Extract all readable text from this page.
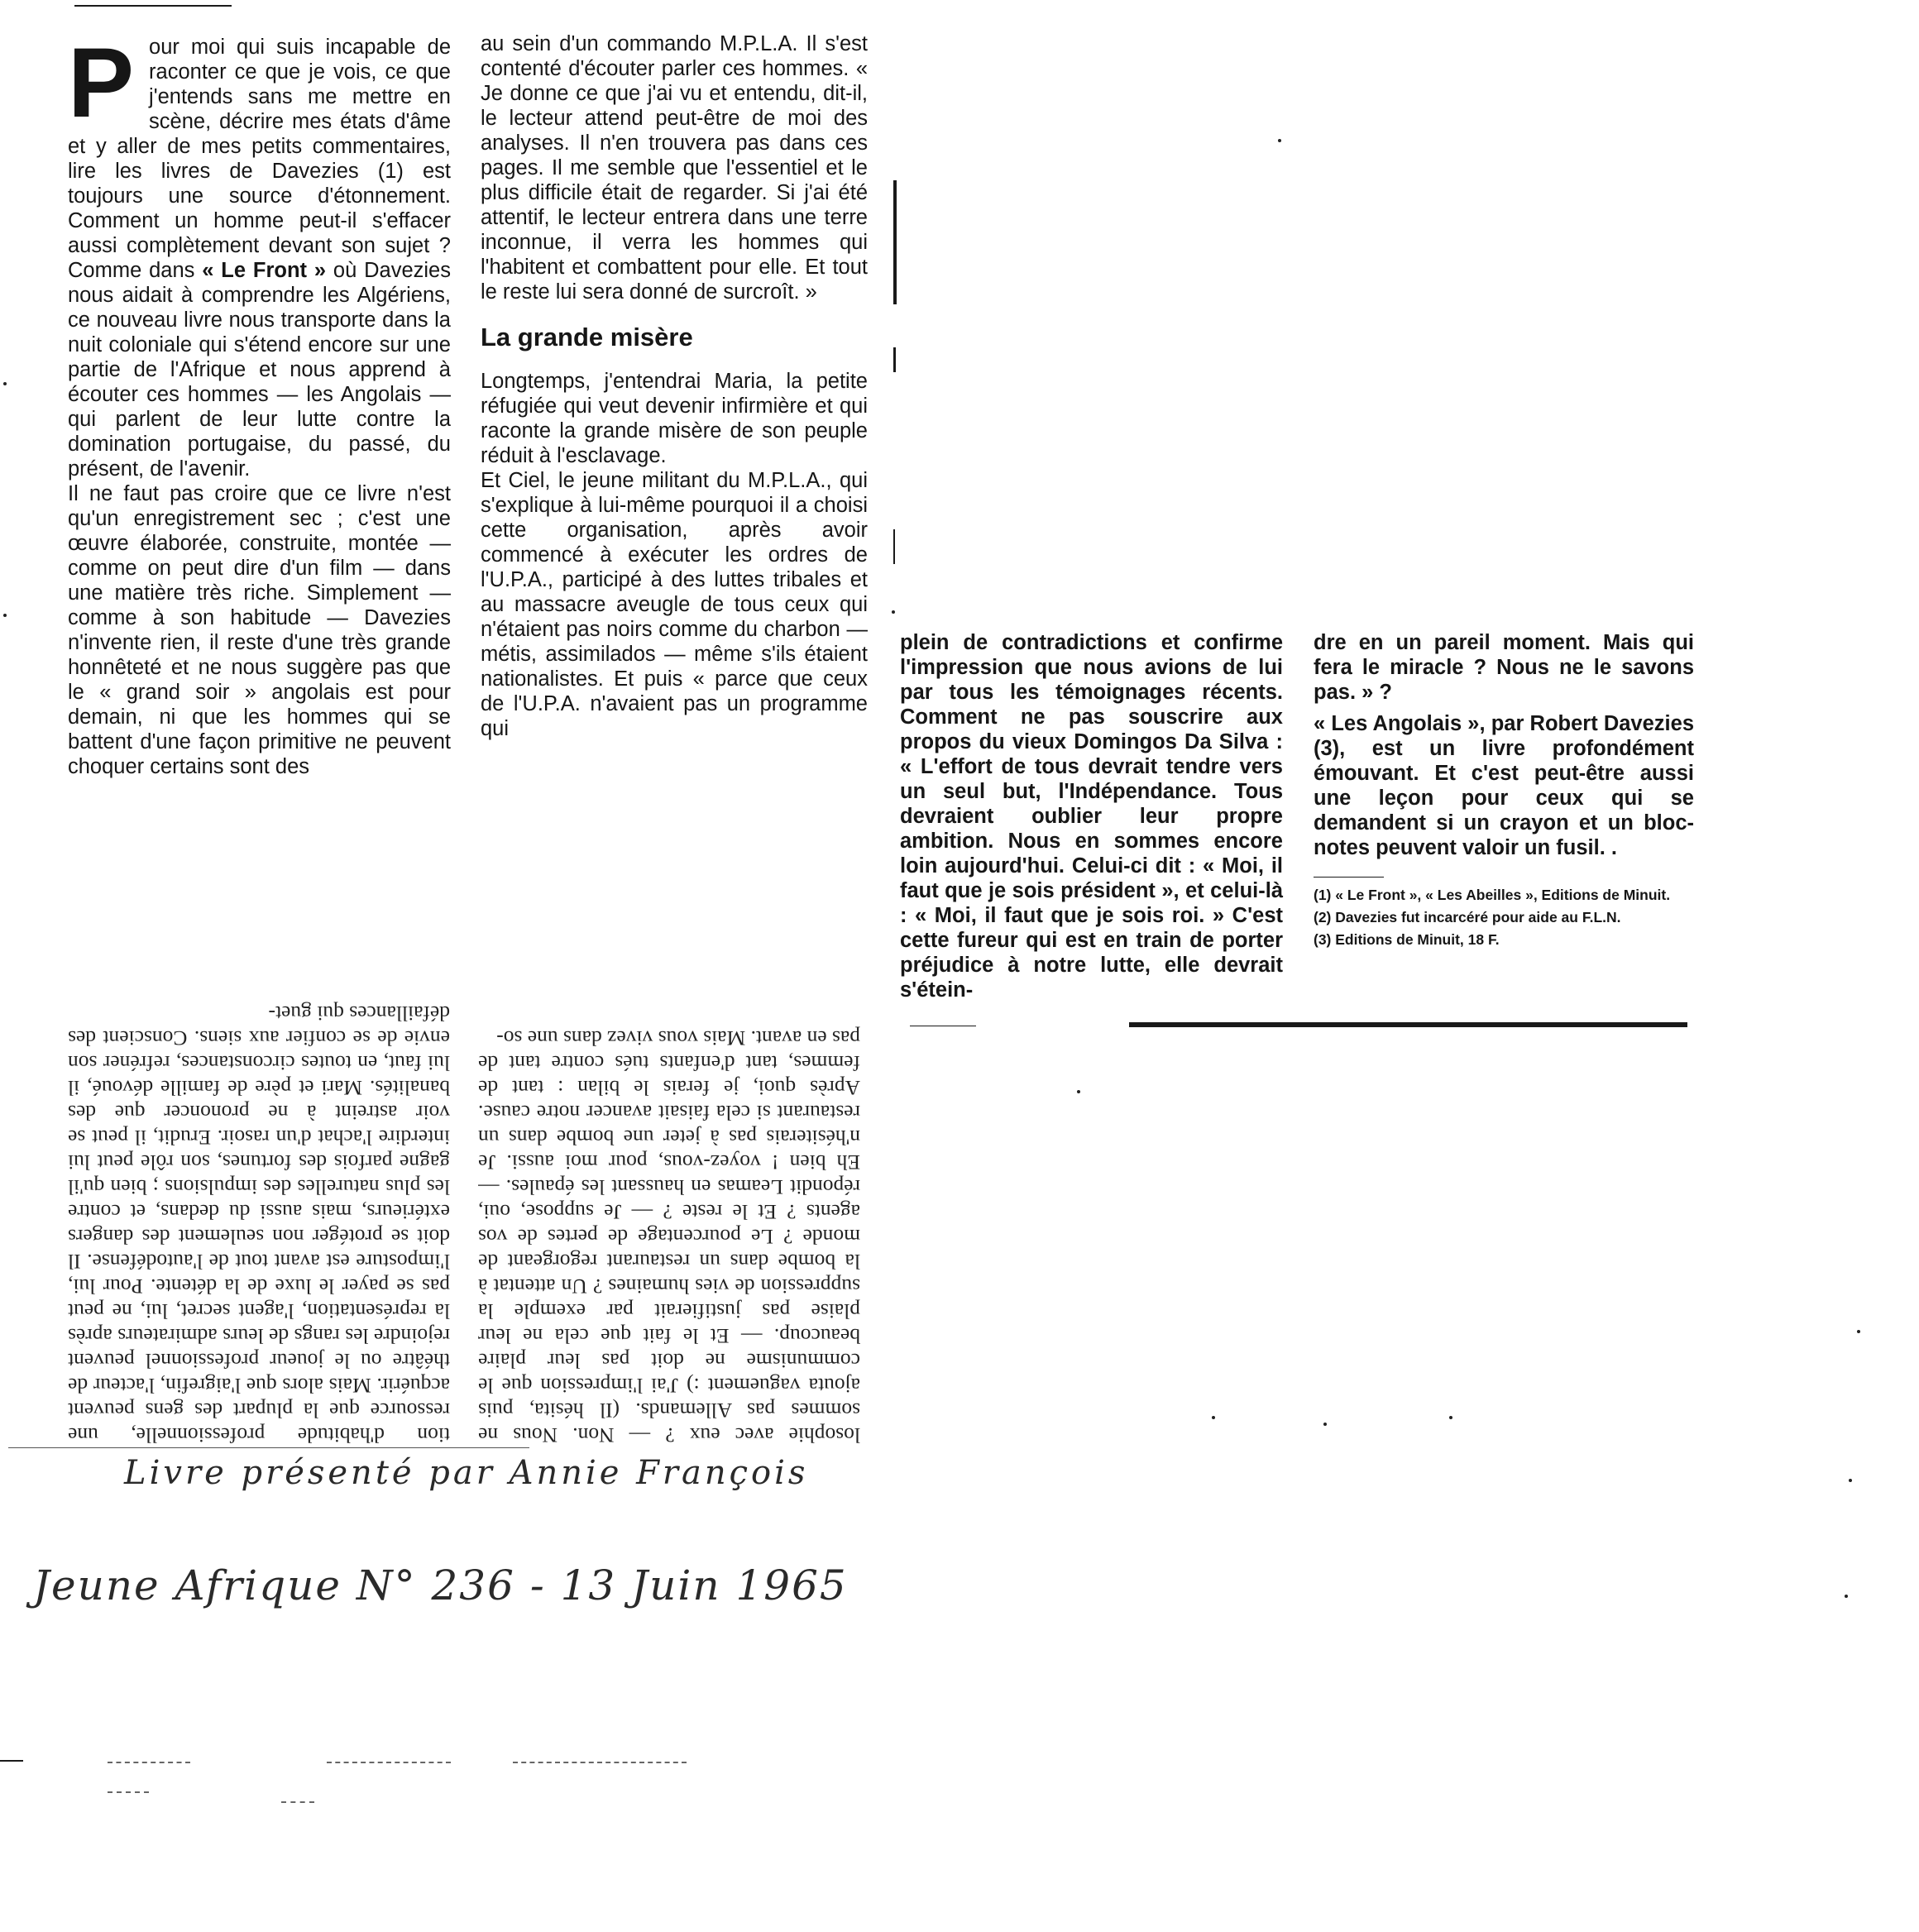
P our moi qui suis incapable de raconter ce que je vois, ce que j'entends sans me mettre en scène, décrire mes états d'âme et y aller de mes petits commentaires, lire les livres de Davezies (1) est toujours une source d'étonnement. Comment un homme peut-il s'effacer aussi complètement devant son sujet ? Comme dans « Le Front » où Davezies nous aidait à comprendre les Algériens, ce nouveau livre nous transporte dans la nuit coloniale qui s'étend encore sur une partie de l'Afrique et nous apprend à écouter ces hommes — les Angolais — qui parlent de leur lutte contre la domination portugaise, du passé, du présent, de l'avenir.

Il ne faut pas croire que ce livre n'est qu'un enregistrement sec ; c'est une œuvre élaborée, construite, montée — comme on peut dire d'un film — dans une matière très riche. Simplement — comme à son habitude — Davezies n'invente rien, il reste d'une très grande honnêteté et ne nous suggère pas que le « grand soir » angolais est pour demain, ni que les hommes qui se battent d'une façon primitive ne peuvent choquer certains sont des

au sein d'un commando M.P.L.A. Il s'est contenté d'écouter parler ces hommes. « Je donne ce que j'ai vu et entendu, dit-il, le lecteur attend peut-être de moi des analyses. Il n'en trouvera pas dans ces pages. Il me semble que l'essentiel et le plus difficile était de regarder. Si j'ai été attentif, le lecteur entrera dans une terre inconnue, il verra les hommes qui l'habitent et combattent pour elle. Et tout le reste lui sera donné de surcroît. »

La grande misère

Longtemps, j'entendrai Maria, la petite réfugiée qui veut devenir infirmière et qui raconte la grande misère de son peuple réduit à l'esclavage.

Et Ciel, le jeune militant du M.P.L.A., qui s'explique à lui-même pourquoi il a choisi cette organisation, après avoir commencé à exécuter les ordres de l'U.P.A., participé à des luttes tribales et au massacre aveugle de tous ceux qui n'étaient pas noirs comme du charbon — métis, assimilados — même s'ils étaient nationalistes. Et puis « parce que ceux de l'U.P.A. n'avaient pas un programme qui

plein de contradictions et confirme l'impression que nous avions de lui par tous les témoignages récents. Comment ne pas souscrire aux propos du vieux Domingos Da Silva : « L'effort de tous devrait tendre vers un seul but, l'Indépendance. Tous devraient oublier leur propre ambition. Nous en sommes encore loin aujourd'hui. Celui-ci dit : « Moi, il faut que je sois président », et celui-là : « Moi, il faut que je sois roi. » C'est cette fureur qui est en train de porter préjudice à notre lutte, elle devrait s'étein-

dre en un pareil moment. Mais qui fera le miracle ? Nous ne le savons pas. » ?

« Les Angolais », par Robert Davezies (3), est un livre profondément émouvant. Et c'est peut-être aussi une leçon pour ceux qui se demandent si un crayon et un bloc-notes peuvent valoir un fusil. .

(1) « Le Front », « Les Abeilles », Editions de Minuit.

(2) Davezies fut incarcéré pour aide au F.L.N.

(3) Editions de Minuit, 18 F.

tion d'habitude professionnelle, une ressource que la plupart des gens peuvent acquérir. Mais alors que l'aigrefin, l'acteur de théâtre ou le joueur professionnel peuvent rejoindre les rangs de leurs admirateurs après la représentation, l'agent secret, lui, ne peut pas se payer le luxe de la détente. Pour lui, l'imposture est avant tout de l'autodéfense. Il doit se protéger non seulement des dangers extérieurs, mais aussi du dedans, et contre les plus naturelles des impulsions ; bien qu'il gagne parfois des fortunes, son rôle peut lui interdire l'achat d'un rasoir. Erudit, il peut se voir astreint à ne prononcer que des banalités. Mari et père de famille dévoué, il lui faut, en toutes circonstances, refréner son envie de se confier aux siens. Conscient des défaillances qui guet-

losophie avec eux ? — Non. Nous ne sommes pas Allemands. (Il hésita, puis ajouta vaguement :) J'ai l'impression que le communisme ne doit pas leur plaire beaucoup. — Et le fait que cela ne leur plaise pas justifierait par exemple la suppression de vies humaines ? Un attentat à la bombe dans un restaurant regorgeant de monde ? Le pourcentage de pertes de vos agents ? Et le reste ? — Je suppose, oui, répondit Leamas en haussant les épaules. — Eh bien ! voyez-vous, pour moi aussi. Je n'hésiterais pas à jeter une bombe dans un restaurant si cela faisait avancer notre cause. Après quoi, je ferais le bilan : tant de femmes, tant d'enfants tués contre tant de pas en avant. Mais vous vivez dans une so-

Livre présenté par Annie François
Jeune Afrique N° 236 - 13 Juin 1965
